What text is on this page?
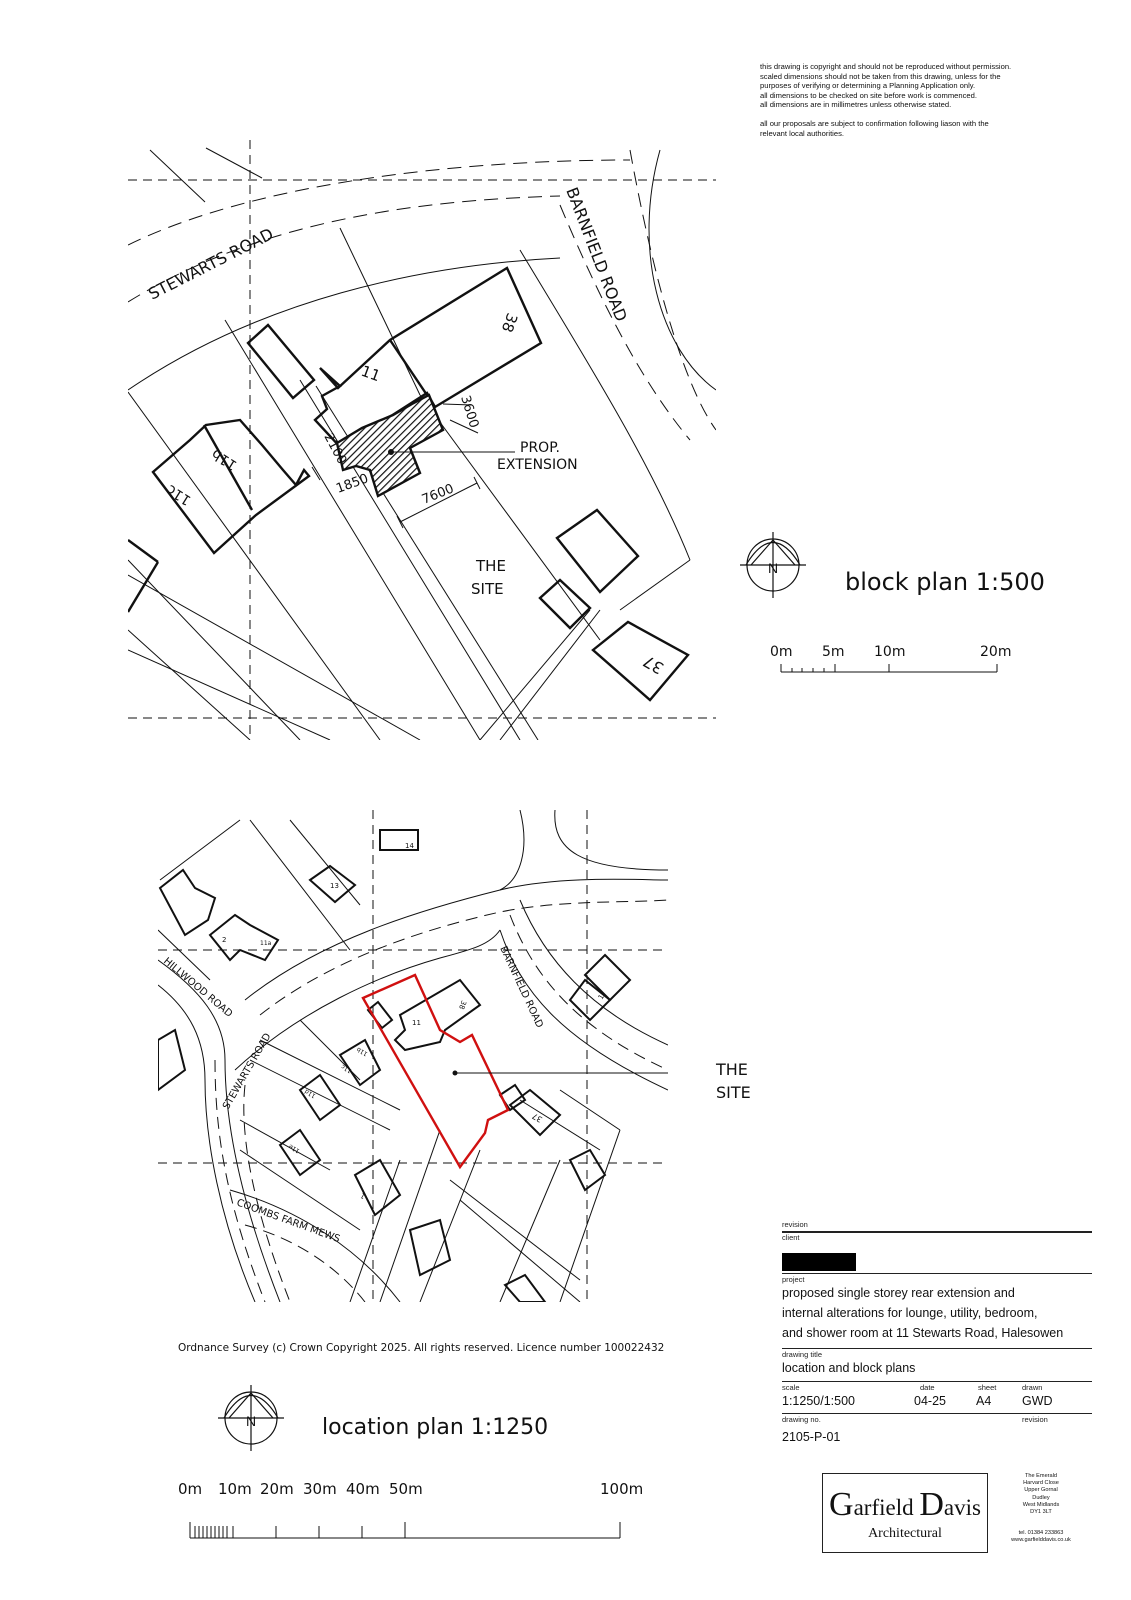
this drawing is copyright and should not be reproduced without permission.

scaled dimensions should not be taken from this drawing, unless for the

purposes of verifying or determining a Planning Application only.

all dimensions to be checked on site before work is commenced.

all dimensions are in millimetres unless otherwise stated.

all our proposals are subject to confirmation following liason with the

relevant local authorities.

STEWARTS ROAD	BARNFIELD ROAD
11
38
11b
11c
37
PROP.
EXTENSION
THE
SITE
3600
2100
1850	7600
N	block plan 1:500
0m 5m 10m	20m
HILLWOOD ROAD
STEWARTS ROAD
BARNFIELD ROAD
COOMBS FARM MEWS
THE
SITE
14
13
2	11a
11
38
1
37
11b
11c
11d
11e
1
N	location plan 1:1250
0m 10m 20m 30m 40m 50m	100m
Ordnance Survey (c) Crown Copyright 2025. All rights reserved. Licence number 100022432
revision
client
project
proposed single storey rear extension and
internal alterations for lounge, utility, bedroom,
and shower room at 11 Stewarts Road, Halesowen
drawing title
location and block plans
scale	date	sheet	drawn
1:1250/1:500	04-25	A4	GWD
drawing no.	revision
2105-P-01
Garfield Davis
Architectural

The Emerald

Harvard Close

Upper Gornal

Dudley

West Midlands

DY1 3LT

tel. 01384 233863

www.garfielddavis.co.uk
